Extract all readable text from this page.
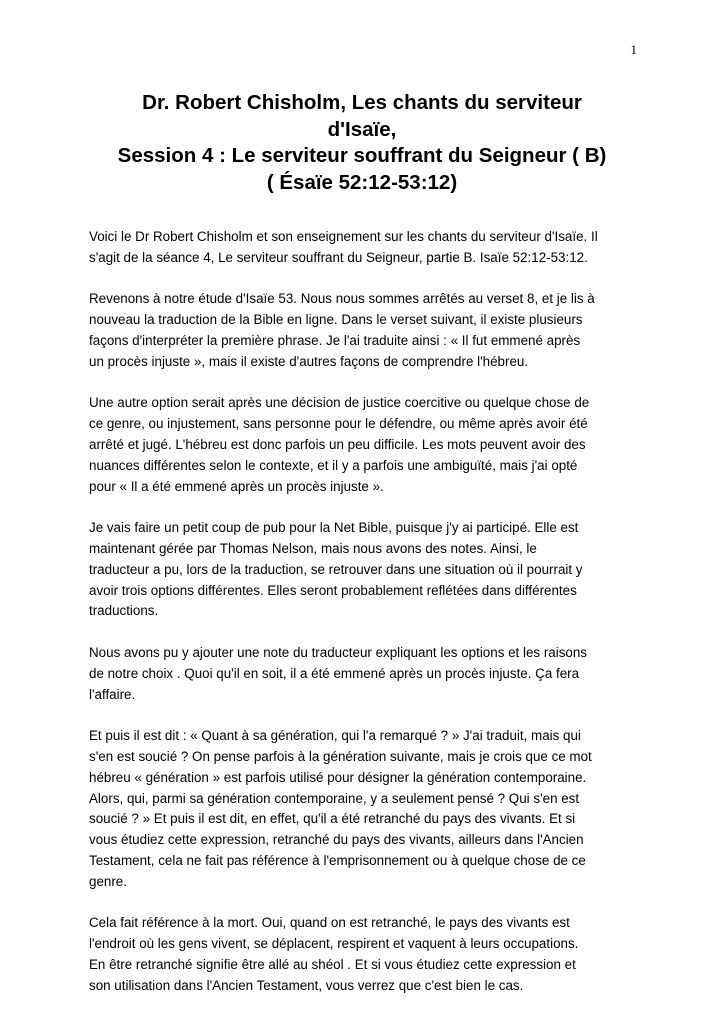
1
Dr. Robert Chisholm, Les chants du serviteur
d'Isaïe,
Session 4 : Le serviteur souffrant du Seigneur ( B)
( Ésaïe 52:12-53:12)

Voici le Dr Robert Chisholm et son enseignement sur les chants du serviteur d'Isaïe. Il
s'agit de la séance 4, Le serviteur souffrant du Seigneur, partie B. Isaïe 52:12-53:12.

Revenons à notre étude d'Isaïe 53. Nous nous sommes arrêtés au verset 8, et je lis à
nouveau la traduction de la Bible en ligne. Dans le verset suivant, il existe plusieurs
façons d'interpréter la première phrase. Je l'ai traduite ainsi : « Il fut emmené après
un procès injuste », mais il existe d'autres façons de comprendre l'hébreu.

Une autre option serait après une décision de justice coercitive ou quelque chose de
ce genre, ou injustement, sans personne pour le défendre, ou même après avoir été
arrêté et jugé. L'hébreu est donc parfois un peu difficile. Les mots peuvent avoir des
nuances différentes selon le contexte, et il y a parfois une ambiguïté, mais j'ai opté
pour « Il a été emmené après un procès injuste ».

Je vais faire un petit coup de pub pour la Net Bible, puisque j'y ai participé. Elle est
maintenant gérée par Thomas Nelson, mais nous avons des notes. Ainsi, le
traducteur a pu, lors de la traduction, se retrouver dans une situation où il pourrait y
avoir trois options différentes. Elles seront probablement reflétées dans différentes
traductions.

Nous avons pu y ajouter une note du traducteur expliquant les options et les raisons
de notre choix . Quoi qu'il en soit, il a été emmené après un procès injuste. Ça fera
l'affaire.

Et puis il est dit : « Quant à sa génération, qui l'a remarqué ? » J'ai traduit, mais qui
s'en est soucié ? On pense parfois à la génération suivante, mais je crois que ce mot
hébreu « génération » est parfois utilisé pour désigner la génération contemporaine.
Alors, qui, parmi sa génération contemporaine, y a seulement pensé ? Qui s'en est
soucié ? » Et puis il est dit, en effet, qu'il a été retranché du pays des vivants. Et si
vous étudiez cette expression, retranché du pays des vivants, ailleurs dans l'Ancien
Testament, cela ne fait pas référence à l'emprisonnement ou à quelque chose de ce
genre.

Cela fait référence à la mort. Oui, quand on est retranché, le pays des vivants est
l'endroit où les gens vivent, se déplacent, respirent et vaquent à leurs occupations.
En être retranché signifie être allé au shéol . Et si vous étudiez cette expression et
son utilisation dans l'Ancien Testament, vous verrez que c'est bien le cas.
